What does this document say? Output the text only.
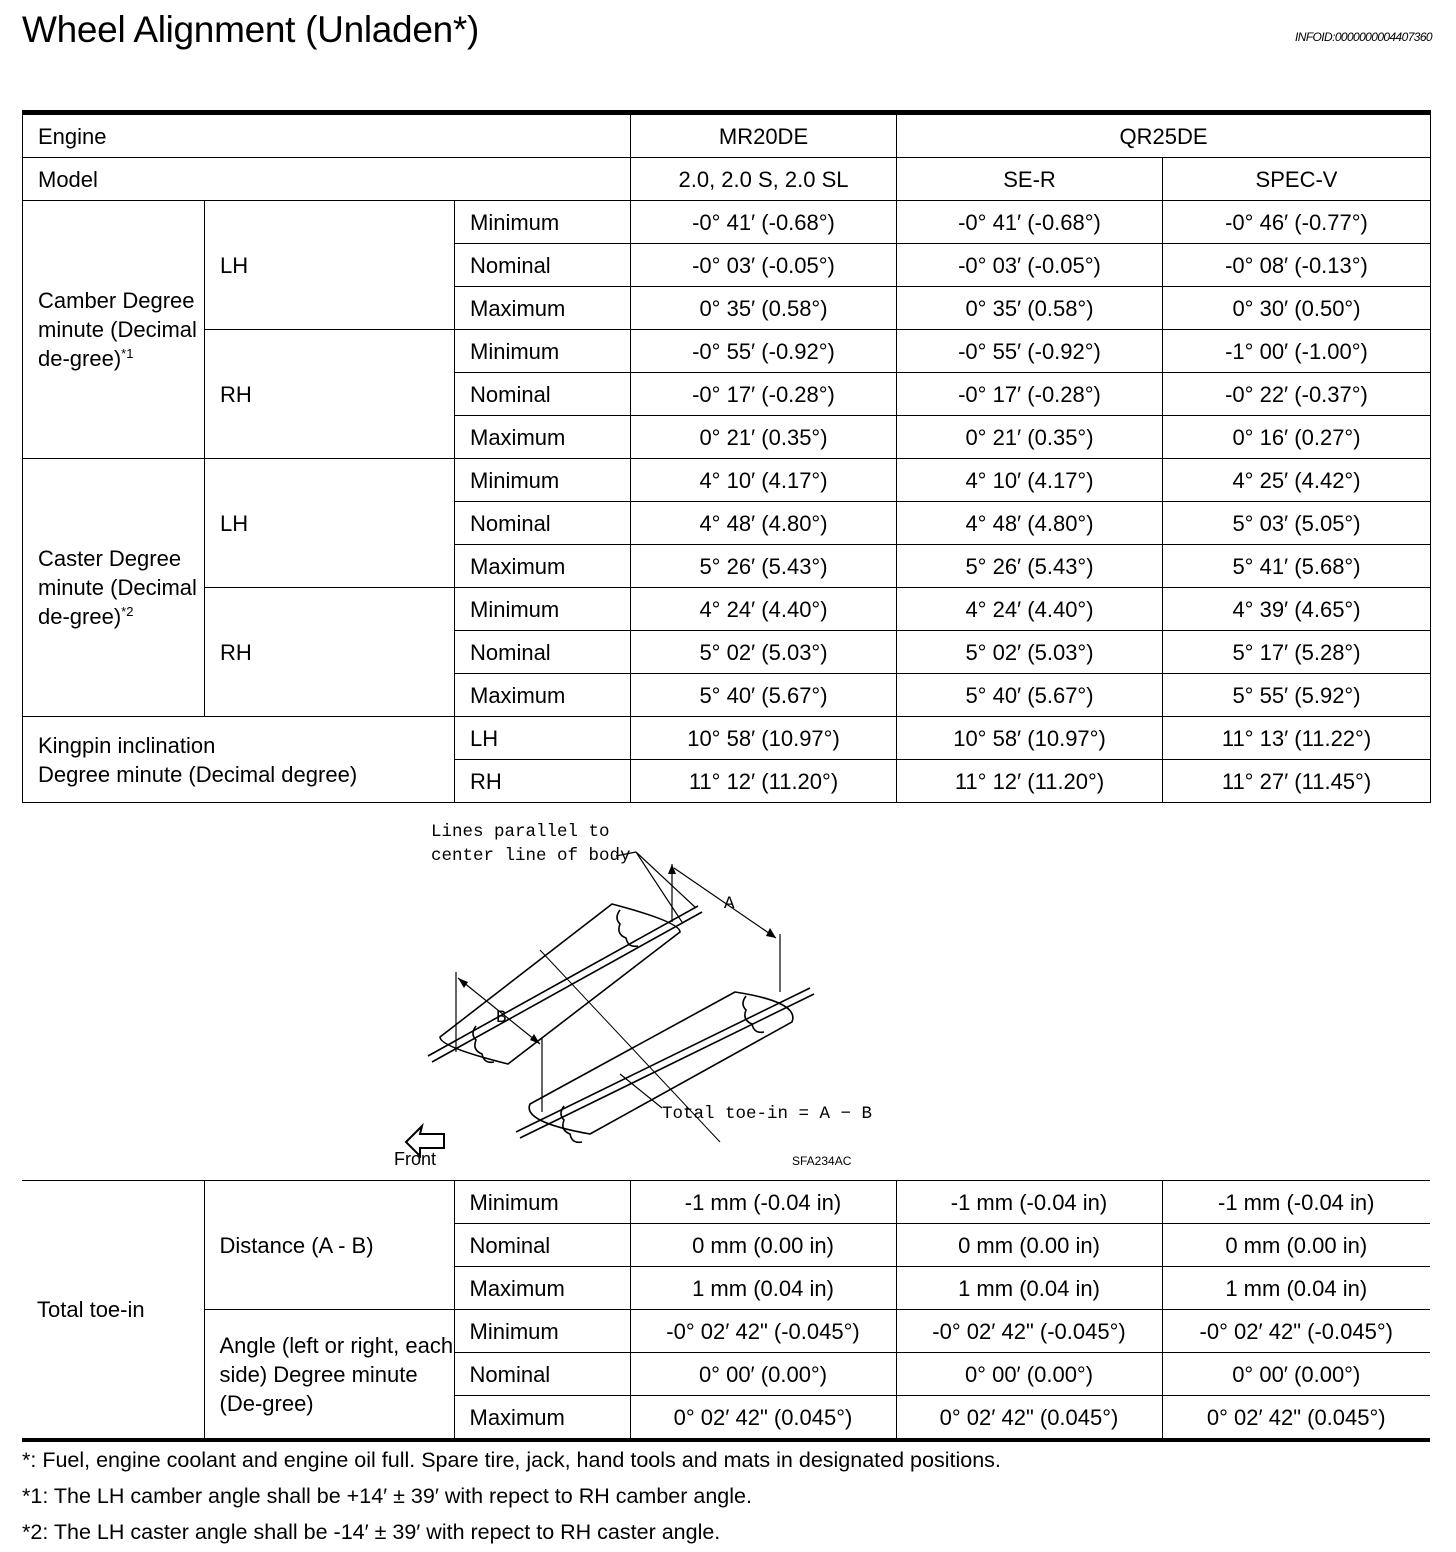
Wheel Alignment (Unladen*)	INFOID:0000000004407360
Engine			MR20DE	QR25DE	
Model			2.0, 2.0 S, 2.0 SL	SE-R	SPEC-V
Camber Degree minute (Decimal de-gree)$^{*1}$	LH	Minimum	-0° 41′ (-0.68°)	-0° 41′ (-0.68°)	-0° 46′ (-0.77°)
		Nominal	-0° 03′ (-0.05°)	-0° 03′ (-0.05°)	-0° 08′ (-0.13°)
		Maximum	0° 35′ (0.58°)	0° 35′ (0.58°)	0° 30′ (0.50°)
	RH	Minimum	-0° 55′ (-0.92°)	-0° 55′ (-0.92°)	-1° 00′ (-1.00°)
		Nominal	-0° 17′ (-0.28°)	-0° 17′ (-0.28°)	-0° 22′ (-0.37°)
		Maximum	0° 21′ (0.35°)	0° 21′ (0.35°)	0° 16′ (0.27°)
Caster Degree minute (Decimal de-gree)$^{*2}$	LH	Minimum	4° 10′ (4.17°)	4° 10′ (4.17°)	4° 25′ (4.42°)
		Nominal	4° 48′ (4.80°)	4° 48′ (4.80°)	5° 03′ (5.05°)
		Maximum	5° 26′ (5.43°)	5° 26′ (5.43°)	5° 41′ (5.68°)
	RH	Minimum	4° 24′ (4.40°)	4° 24′ (4.40°)	4° 39′ (4.65°)
		Nominal	5° 02′ (5.03°)	5° 02′ (5.03°)	5° 17′ (5.28°)
		Maximum	5° 40′ (5.67°)	5° 40′ (5.67°)	5° 55′ (5.92°)

Kingpin inclination
Degree minute (Decimal degree)		LH	10° 58′ (10.97°)	10° 58′ (10.97°)	11° 13′ (11.22°)
		RH	11° 12′ (11.20°)	11° 12′ (11.20°)	11° 27′ (11.45°)
Lines parallel to
center line of body
A
B
Total toe-in = A − B
Front	SFA234AC
Total toe-in	Distance (A - B)	Minimum	-1 mm (-0.04 in)	-1 mm (-0.04 in)	-1 mm (-0.04 in)
		Nominal	0 mm (0.00 in)	0 mm (0.00 in)	0 mm (0.00 in)
		Maximum	1 mm (0.04 in)	1 mm (0.04 in)	1 mm (0.04 in)
	Angle (left or right, each side) Degree minute (De-gree)	Minimum	-0° 02′ 42" (-0.045°)	-0° 02′ 42" (-0.045°)	-0° 02′ 42" (-0.045°)
		Nominal	0° 00′ (0.00°)	0° 00′ (0.00°)	0° 00′ (0.00°)
		Maximum	0° 02′ 42" (0.045°)	0° 02′ 42" (0.045°)	0° 02′ 42" (0.045°)
*: Fuel, engine coolant and engine oil full. Spare tire, jack, hand tools and mats in designated positions.
*1: The LH camber angle shall be +14′ ± 39′ with repect to RH camber angle.
*2: The LH caster angle shall be -14′ ± 39′ with repect to RH caster angle.
